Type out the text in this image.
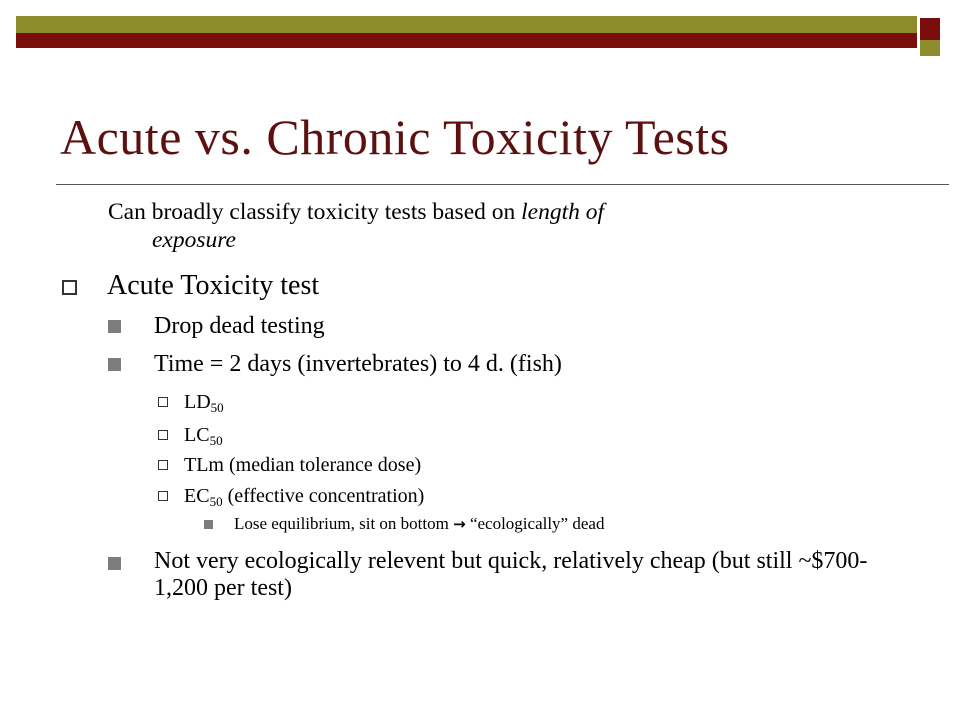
Acute vs. Chronic Toxicity Tests
Can broadly classify toxicity tests based on length of
exposure
Acute Toxicity test
Drop dead testing
Time = 2 days (invertebrates) to 4 d. (fish)
$LD_{50}$
$LC_{50}$
TLm (median tolerance dose)
$EC_{50}$ (effective concentration)
Lose equilibrium, sit on bottom → “ecologically” dead
Not very ecologically relevent but quick, relatively cheap (but still ~$700-1,200 per test)
